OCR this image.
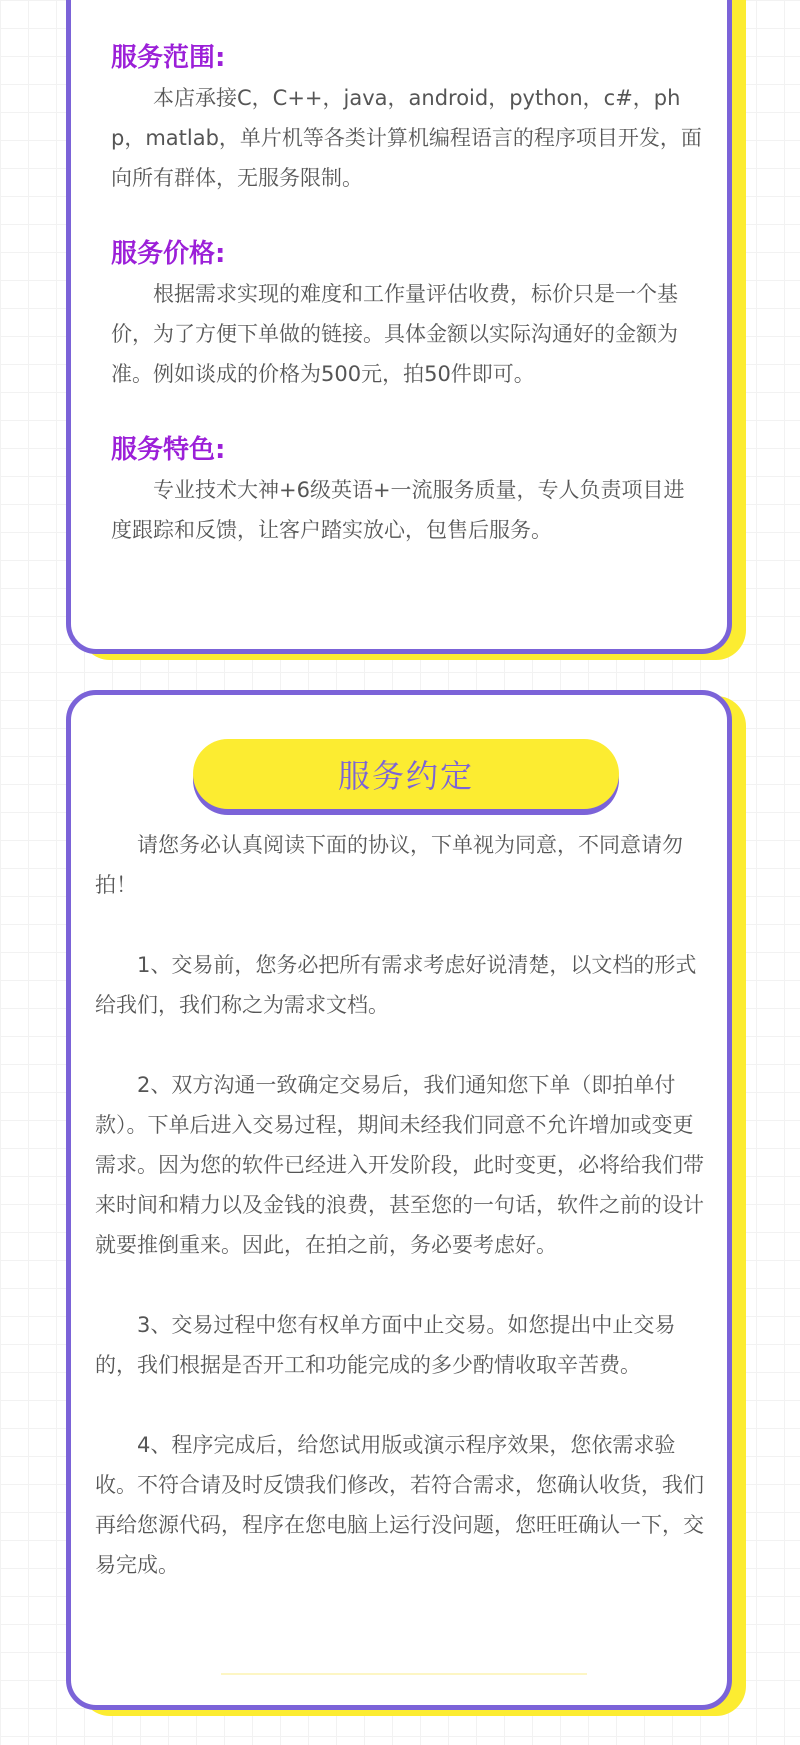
服务范围:

本店承接C，C++，java，android，python，c#，php，matlab，单片机等各类计算机编程语言的程序项目开发，面向所有群体，无服务限制。

服务价格:

根据需求实现的难度和工作量评估收费，标价只是一个基价，为了方便下单做的链接。具体金额以实际沟通好的金额为准。例如谈成的价格为500元，拍50件即可。

服务特色:

专业技术大神+6级英语+一流服务质量，专人负责项目进度跟踪和反馈，让客户踏实放心，包售后服务。

服务约定

请您务必认真阅读下面的协议，下单视为同意，不同意请勿拍！

1、交易前，您务必把所有需求考虑好说清楚，以文档的形式给我们，我们称之为需求文档。

2、双方沟通一致确定交易后，我们通知您下单（即拍单付款）。下单后进入交易过程，期间未经我们同意不允许增加或变更需求。因为您的软件已经进入开发阶段，此时变更，必将给我们带来时间和精力以及金钱的浪费，甚至您的一句话，软件之前的设计就要推倒重来。因此，在拍之前，务必要考虑好。

3、交易过程中您有权单方面中止交易。如您提出中止交易的，我们根据是否开工和功能完成的多少酌情收取辛苦费。

4、程序完成后，给您试用版或演示程序效果，您依需求验收。不符合请及时反馈我们修改，若符合需求，您确认收货，我们再给您源代码，程序在您电脑上运行没问题，您旺旺确认一下，交易完成。
